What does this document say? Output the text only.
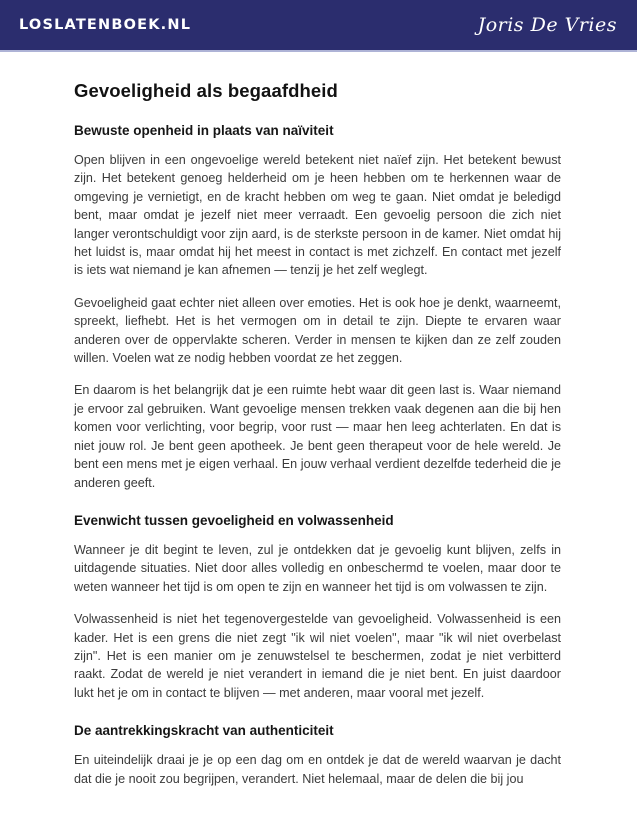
LOSLATENBOEK.NL	Joris De Vries
Gevoeligheid als begaafdheid
Bewuste openheid in plaats van naïviteit

Open blijven in een ongevoelige wereld betekent niet naïef zijn. Het betekent bewust zijn. Het betekent genoeg helderheid om je heen hebben om te herkennen waar de omgeving je vernietigt, en de kracht hebben om weg te gaan. Niet omdat je beledigd bent, maar omdat je jezelf niet meer verraadt. Een gevoelig persoon die zich niet langer verontschuldigt voor zijn aard, is de sterkste persoon in de kamer. Niet omdat hij het luidst is, maar omdat hij het meest in contact is met zichzelf. En contact met jezelf is iets wat niemand je kan afnemen — tenzij je het zelf weglegt.

Gevoeligheid gaat echter niet alleen over emoties. Het is ook hoe je denkt, waarneemt, spreekt, liefhebt. Het is het vermogen om in detail te zijn. Diepte te ervaren waar anderen over de oppervlakte scheren. Verder in mensen te kijken dan ze zelf zouden willen. Voelen wat ze nodig hebben voordat ze het zeggen.

En daarom is het belangrijk dat je een ruimte hebt waar dit geen last is. Waar niemand je ervoor zal gebruiken. Want gevoelige mensen trekken vaak degenen aan die bij hen komen voor verlichting, voor begrip, voor rust — maar hen leeg achterlaten. En dat is niet jouw rol. Je bent geen apotheek. Je bent geen therapeut voor de hele wereld. Je bent een mens met je eigen verhaal. En jouw verhaal verdient dezelfde tederheid die je anderen geeft.

Evenwicht tussen gevoeligheid en volwassenheid

Wanneer je dit begint te leven, zul je ontdekken dat je gevoelig kunt blijven, zelfs in uitdagende situaties. Niet door alles volledig en onbeschermd te voelen, maar door te weten wanneer het tijd is om open te zijn en wanneer het tijd is om volwassen te zijn.

Volwassenheid is niet het tegenovergestelde van gevoeligheid. Volwassenheid is een kader. Het is een grens die niet zegt "ik wil niet voelen", maar "ik wil niet overbelast zijn". Het is een manier om je zenuwstelsel te beschermen, zodat je niet verbitterd raakt. Zodat de wereld je niet verandert in iemand die je niet bent. En juist daardoor lukt het je om in contact te blijven — met anderen, maar vooral met jezelf.

De aantrekkingskracht van authenticiteit

En uiteindelijk draai je je op een dag om en ontdek je dat de wereld waarvan je dacht dat die je nooit zou begrijpen, verandert. Niet helemaal, maar de delen die bij jou
